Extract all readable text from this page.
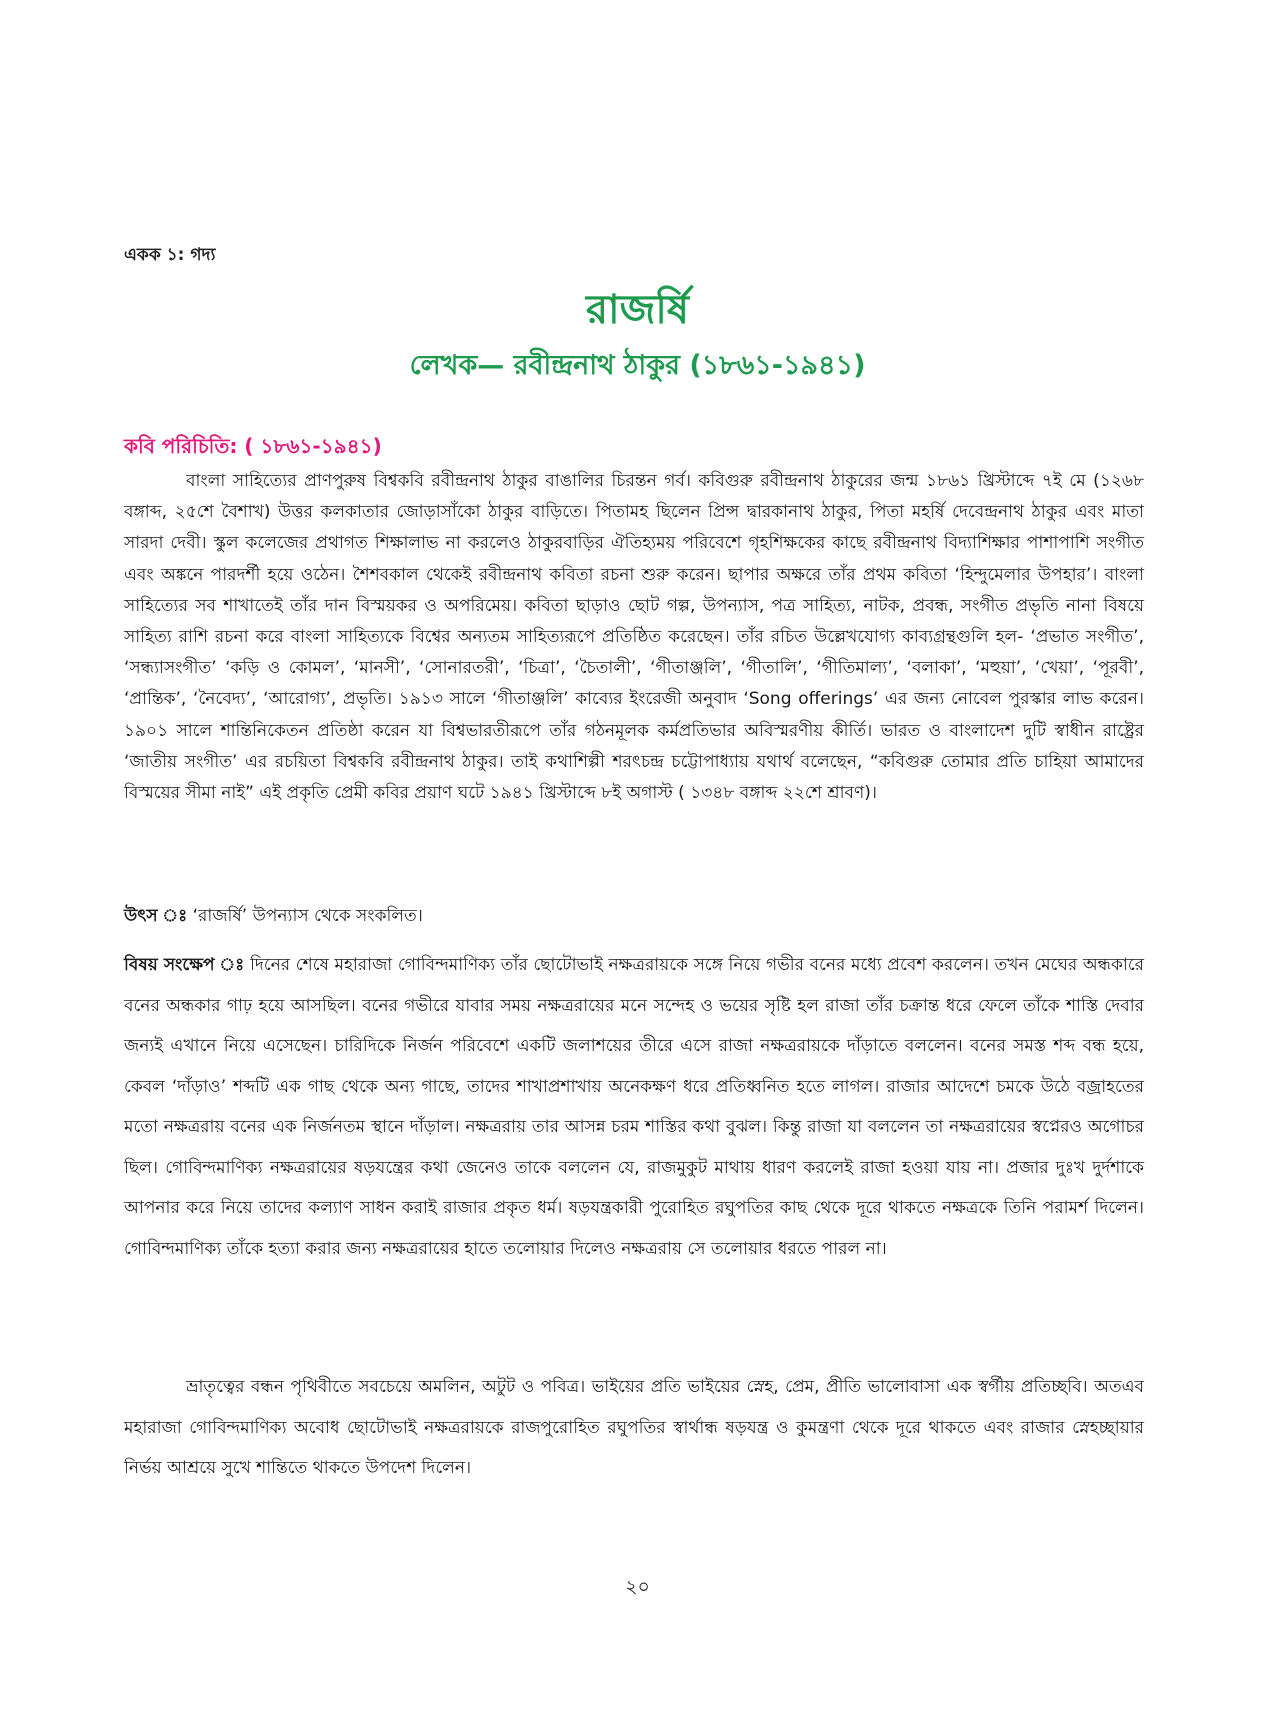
একক ১: গদ্য
রাজর্ষি
লেখক— রবীন্দ্রনাথ ঠাকুর (১৮৬১-১৯৪১)
কবি পরিচিতি: ( ১৮৬১-১৯৪১)

বাংলা সাহিত্যের প্রাণপুরুষ বিশ্বকবি রবীন্দ্রনাথ ঠাকুর বাঙালির চিরন্তন গর্ব। কবিগুরু রবীন্দ্রনাথ ঠাকুরের জন্ম ১৮৬১ খ্রিস্টাব্দে ৭ই মে (১২৬৮ বঙ্গাব্দ, ২৫শে বৈশাখ) উত্তর কলকাতার জোড়াসাঁকো ঠাকুর বাড়িতে। পিতামহ ছিলেন প্রিন্স দ্বারকানাথ ঠাকুর, পিতা মহর্ষি দেবেন্দ্রনাথ ঠাকুর এবং মাতা সারদা দেবী। স্কুল কলেজের প্রথাগত শিক্ষালাভ না করলেও ঠাকুরবাড়ির ঐতিহ্যময় পরিবেশে গৃহশিক্ষকের কাছে রবীন্দ্রনাথ বিদ্যাশিক্ষার পাশাপাশি সংগীত এবং অঙ্কনে পারদর্শী হয়ে ওঠেন। শৈশবকাল থেকেই রবীন্দ্রনাথ কবিতা রচনা শুরু করেন। ছাপার অক্ষরে তাঁর প্রথম কবিতা ‘হিন্দুমেলার উপহার’। বাংলা সাহিত্যের সব শাখাতেই তাঁর দান বিস্ময়কর ও অপরিমেয়। কবিতা ছাড়াও ছোট গল্প, উপন্যাস, পত্র সাহিত্য, নাটক, প্রবন্ধ, সংগীত প্রভৃতি নানা বিষয়ে সাহিত্য রাশি রচনা করে বাংলা সাহিত্যকে বিশ্বের অন্যতম সাহিত্যরূপে প্রতিষ্ঠিত করেছেন। তাঁর রচিত উল্লেখযোগ্য কাব্যগ্রন্থগুলি হল- ‘প্রভাত সংগীত’, ‘সন্ধ্যাসংগীত’ ‘কড়ি ও কোমল’, ‘মানসী’, ‘সোনারতরী’, ‘চিত্রা’, ‘চৈতালী’, ‘গীতাঞ্জলি’, ‘গীতালি’, ‘গীতিমাল্য’, ‘বলাকা’, ‘মহুয়া’, ‘খেয়া’, ‘পূরবী’, ‘প্রান্তিক’, ‘নৈবেদ্য’, ‘আরোগ্য’, প্রভৃতি। ১৯১৩ সালে ‘গীতাঞ্জলি’ কাব্যের ইংরেজী অনুবাদ ‘Song offerings’ এর জন্য নোবেল পুরস্কার লাভ করেন। ১৯০১ সালে শান্তিনিকেতন প্রতিষ্ঠা করেন যা বিশ্বভারতীরূপে তাঁর গঠনমূলক কর্মপ্রতিভার অবিস্মরণীয় কীর্তি। ভারত ও বাংলাদেশ দুটি স্বাধীন রাষ্ট্রের ‘জাতীয় সংগীত’ এর রচয়িতা বিশ্বকবি রবীন্দ্রনাথ ঠাকুর। তাই কথাশিল্পী শরৎচন্দ্র চট্টোপাধ্যায় যথার্থ বলেছেন, “কবিগুরু তোমার প্রতি চাহিয়া আমাদের বিস্ময়ের সীমা নাই” এই প্রকৃতি প্রেমী কবির প্রয়াণ ঘটে ১৯৪১ খ্রিস্টাব্দে ৮ই অগাস্ট ( ১৩৪৮ বঙ্গাব্দ ২২শে শ্রাবণ)।

উৎস ঃ ‘রাজর্ষি’ উপন্যাস থেকে সংকলিত।

বিষয় সংক্ষেপ ঃ দিনের শেষে মহারাজা গোবিন্দমাণিক্য তাঁর ছোটোভাই নক্ষত্ররায়কে সঙ্গে নিয়ে গভীর বনের মধ্যে প্রবেশ করলেন। তখন মেঘের অন্ধকারে বনের অন্ধকার গাঢ় হয়ে আসছিল। বনের গভীরে যাবার সময় নক্ষত্ররায়ের মনে সন্দেহ ও ভয়ের সৃষ্টি হল রাজা তাঁর চক্রান্ত ধরে ফেলে তাঁকে শাস্তি দেবার জন্যই এখানে নিয়ে এসেছেন। চারিদিকে নির্জন পরিবেশে একটি জলাশয়ের তীরে এসে রাজা নক্ষত্ররায়কে দাঁড়াতে বললেন। বনের সমস্ত শব্দ বন্ধ হয়ে, কেবল ‘দাঁড়াও’ শব্দটি এক গাছ থেকে অন্য গাছে, তাদের শাখাপ্রশাখায় অনেকক্ষণ ধরে প্রতিধ্বনিত হতে লাগল। রাজার আদেশে চমকে উঠে বজ্রাহতের মতো নক্ষত্ররায় বনের এক নির্জনতম স্থানে দাঁড়াল। নক্ষত্ররায় তার আসন্ন চরম শাস্তির কথা বুঝল। কিন্তু রাজা যা বললেন তা নক্ষত্ররায়ের স্বপ্নেরও অগোচর ছিল। গোবিন্দমাণিক্য নক্ষত্ররায়ের ষড়যন্ত্রের কথা জেনেও তাকে বললেন যে, রাজমুকুট মাথায় ধারণ করলেই রাজা হওয়া যায় না। প্রজার দুঃখ দুর্দশাকে আপনার করে নিয়ে তাদের কল্যাণ সাধন করাই রাজার প্রকৃত ধর্ম। ষড়যন্ত্রকারী পুরোহিত রঘুপতির কাছ থেকে দূরে থাকতে নক্ষত্রকে তিনি পরামর্শ দিলেন। গোবিন্দমাণিক্য তাঁকে হত্যা করার জন্য নক্ষত্ররায়ের হাতে তলোয়ার দিলেও নক্ষত্ররায় সে তলোয়ার ধরতে পারল না।

ভ্রাতৃত্বের বন্ধন পৃথিবীতে সবচেয়ে অমলিন, অটুট ও পবিত্র। ভাইয়ের প্রতি ভাইয়ের স্নেহ, প্রেম, প্রীতি ভালোবাসা এক স্বর্গীয় প্রতিচ্ছবি। অতএব মহারাজা গোবিন্দমাণিক্য অবোধ ছোটোভাই নক্ষত্ররায়কে রাজপুরোহিত রঘুপতির স্বার্থান্ধ ষড়যন্ত্র ও কুমন্ত্রণা থেকে দূরে থাকতে এবং রাজার স্নেহচ্ছায়ার নির্ভয় আশ্রয়ে সুখে শান্তিতে থাকতে উপদেশ দিলেন।

২০
